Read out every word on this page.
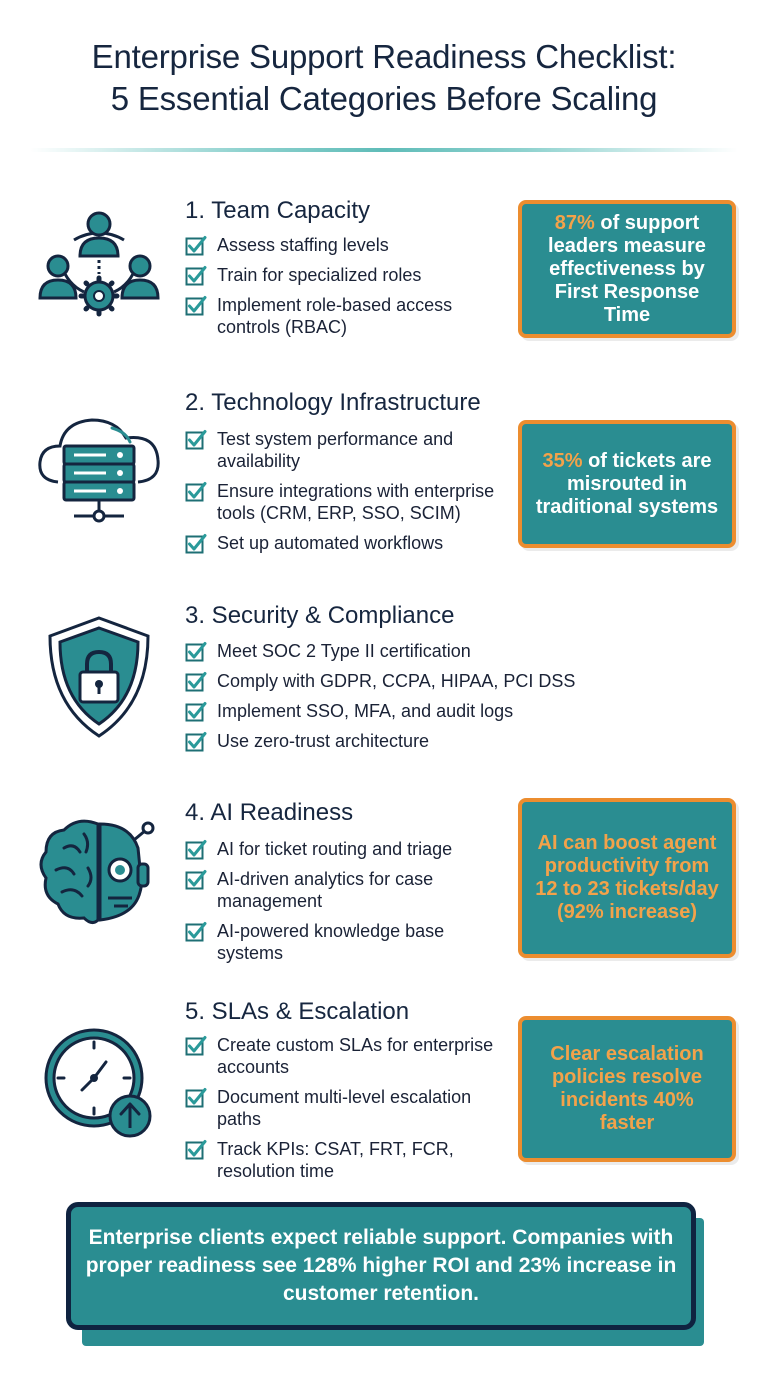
Enterprise Support Readiness Checklist:
5 Essential Categories Before Scaling
1. Team Capacity
Assess staffing levels
Train for specialized roles
Implement role-based access controls (RBAC)
87% of support leaders measure effectiveness by First Response Time
2. Technology Infrastructure
Test system performance and availability
Ensure integrations with enterprise tools (CRM, ERP, SSO, SCIM)
Set up automated workflows
35% of tickets are misrouted in traditional systems
3. Security & Compliance
Meet SOC 2 Type II certification
Comply with GDPR, CCPA, HIPAA, PCI DSS
Implement SSO, MFA, and audit logs
Use zero-trust architecture
4. AI Readiness
AI for ticket routing and triage
AI-driven analytics for case management
AI-powered knowledge base systems
AI can boost agent productivity from 12 to 23 tickets/day (92% increase)
5. SLAs & Escalation
Create custom SLAs for enterprise accounts
Document multi-level escalation paths
Track KPIs: CSAT, FRT, FCR, resolution time
Clear escalation policies resolve incidents 40% faster
Enterprise clients expect reliable support. Companies with proper readiness see 128% higher ROI and 23% increase in customer retention.
